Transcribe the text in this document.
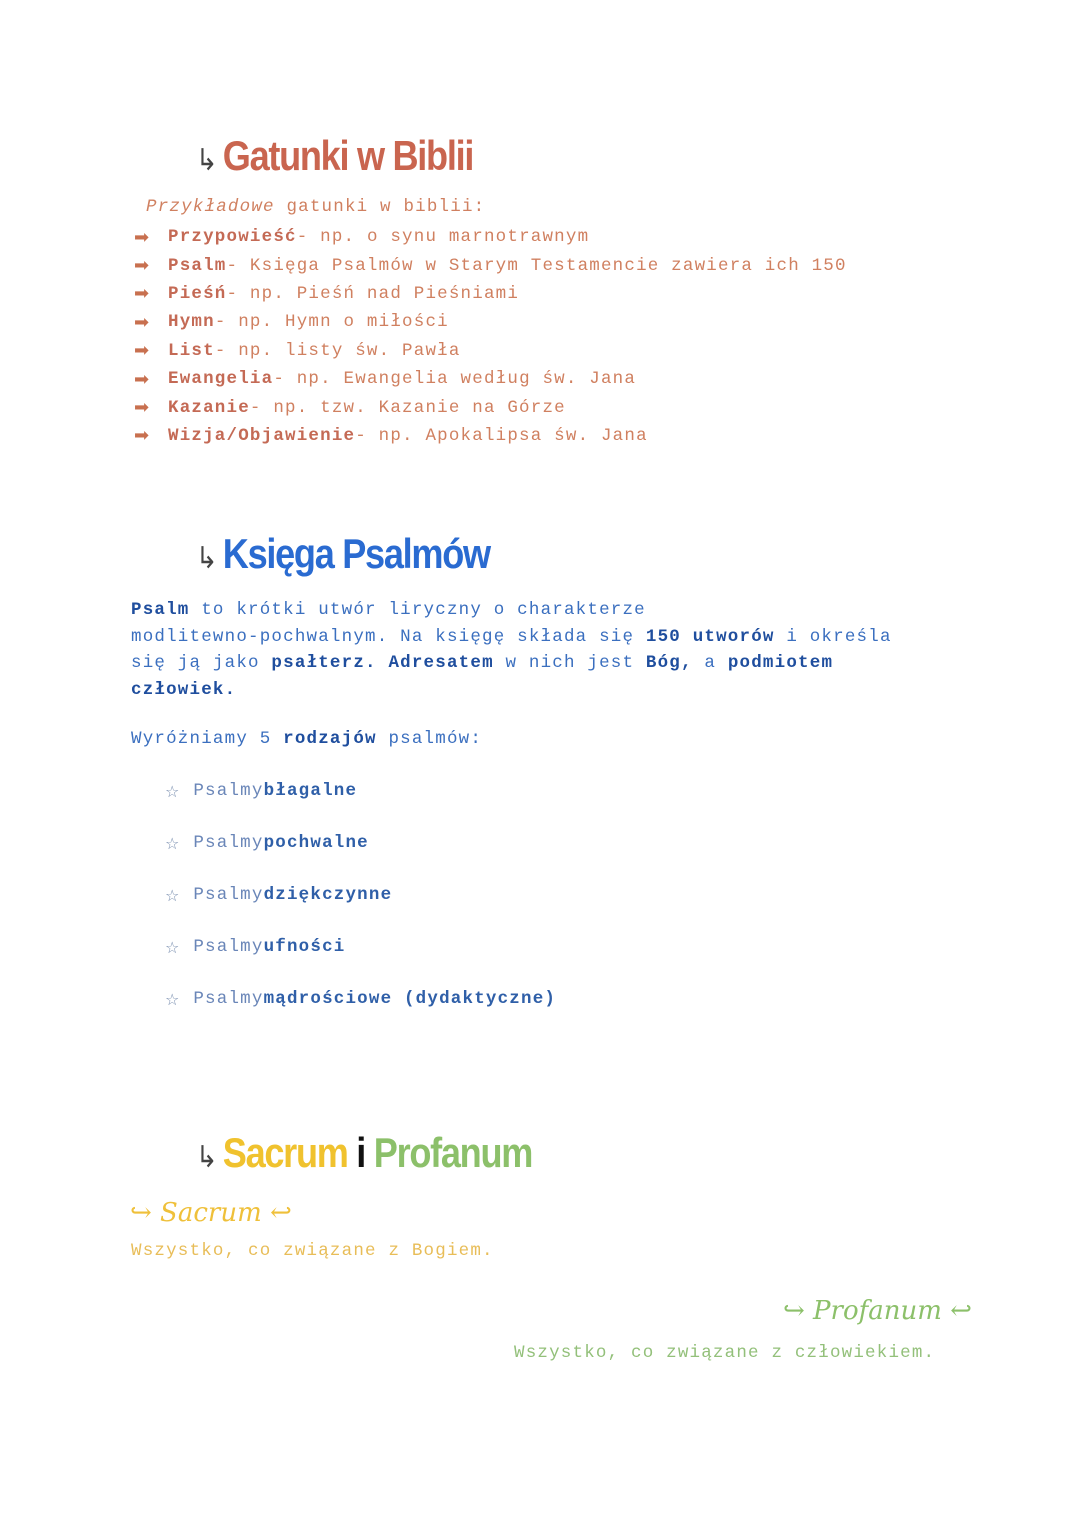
↳ Gatunki w Biblii
Przykładowe gatunki w biblii:
➡	Przypowieść - np. o synu marnotrawnym
➡	Psalm - Księga Psalmów w Starym Testamencie zawiera ich 150
➡	Pieśń - np. Pieśń nad Pieśniami
➡	Hymn - np. Hymn o miłości
➡	List - np. listy św. Pawła
➡	Ewangelia - np. Ewangelia według św. Jana
➡	Kazanie - np. tzw. Kazanie na Górze
➡	Wizja/Objawienie - np. Apokalipsa św. Jana
↳ Księga Psalmów
Psalm to krótki utwór liryczny o charakterze
modlitewno-pochwalnym. Na księgę składa się 150 utworów i określa
się ją jako psałterz. Adresatem w nich jest Bóg, a podmiotem
człowiek.
Wyróżniamy 5 rodzajów psalmów:
☆ Psalmy błagalne
☆ Psalmy pochwalne
☆ Psalmy dziękczynne
☆ Psalmy ufności
☆ Psalmy mądrościowe (dydaktyczne)
↳ Sacrum i Profanum
↪ Sacrum ↩
Wszystko, co związane z Bogiem.
↪ Profanum ↩
Wszystko, co związane z człowiekiem.
